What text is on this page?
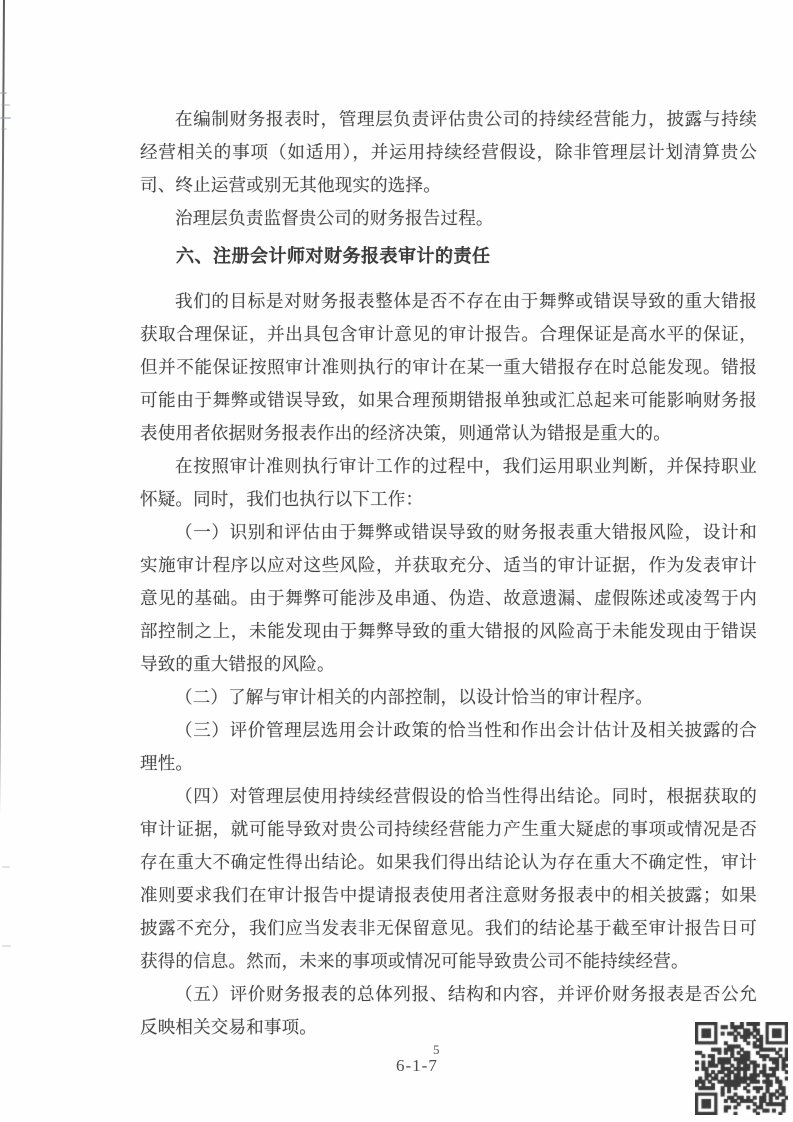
在编制财务报表时，管理层负责评估贵公司的持续经营能力，披露与持续经营相关的事项（如适用），并运用持续经营假设，除非管理层计划清算贵公司、终止运营或别无其他现实的选择。

治理层负责监督贵公司的财务报告过程。

六、注册会计师对财务报表审计的责任

我们的目标是对财务报表整体是否不存在由于舞弊或错误导致的重大错报获取合理保证，并出具包含审计意见的审计报告。合理保证是高水平的保证，但并不能保证按照审计准则执行的审计在某一重大错报存在时总能发现。错报可能由于舞弊或错误导致，如果合理预期错报单独或汇总起来可能影响财务报表使用者依据财务报表作出的经济决策，则通常认为错报是重大的。

在按照审计准则执行审计工作的过程中，我们运用职业判断，并保持职业怀疑。同时，我们也执行以下工作：

（一）识别和评估由于舞弊或错误导致的财务报表重大错报风险，设计和实施审计程序以应对这些风险，并获取充分、适当的审计证据，作为发表审计意见的基础。由于舞弊可能涉及串通、伪造、故意遗漏、虚假陈述或凌驾于内部控制之上，未能发现由于舞弊导致的重大错报的风险高于未能发现由于错误导致的重大错报的风险。

（二）了解与审计相关的内部控制，以设计恰当的审计程序。

（三）评价管理层选用会计政策的恰当性和作出会计估计及相关披露的合理性。

（四）对管理层使用持续经营假设的恰当性得出结论。同时，根据获取的审计证据，就可能导致对贵公司持续经营能力产生重大疑虑的事项或情况是否存在重大不确定性得出结论。如果我们得出结论认为存在重大不确定性，审计准则要求我们在审计报告中提请报表使用者注意财务报表中的相关披露；如果披露不充分，我们应当发表非无保留意见。我们的结论基于截至审计报告日可获得的信息。然而，未来的事项或情况可能导致贵公司不能持续经营。

（五）评价财务报表的总体列报、结构和内容，并评价财务报表是否公允反映相关交易和事项。

5
6-1-7
